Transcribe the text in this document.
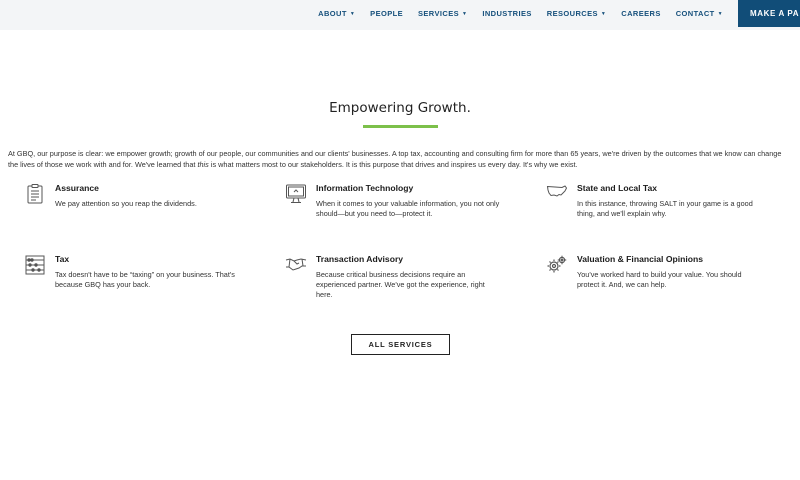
ABOUT ▼ PEOPLE SERVICES ▼ INDUSTRIES RESOURCES ▼ CAREERS CONTACT ▼	MAKE A PA
Empowering Growth.

At GBQ, our purpose is clear: we empower growth; growth of our people, our communities and our clients' businesses. A top tax, accounting and consulting firm for more than 65 years, we're driven by the outcomes that we know can change the lives of those we work with and for. We've learned that this is what matters most to our stakeholders. It is this purpose that drives and inspires us every day. It's why we exist.

Assurance
We pay attention so you reap the dividends.
Information Technology
When it comes to your valuable information, you not only should—but you need to—protect it.
State and Local Tax
In this instance, throwing SALT in your game is a good thing, and we'll explain why.
Tax
Tax doesn't have to be “taxing” on your business. That's because GBQ has your back.
Transaction Advisory
Because critical business decisions require an experienced partner. We've got the experience, right here.
Valuation & Financial Opinions
You've worked hard to build your value. You should protect it. And, we can help.
ALL SERVICES
